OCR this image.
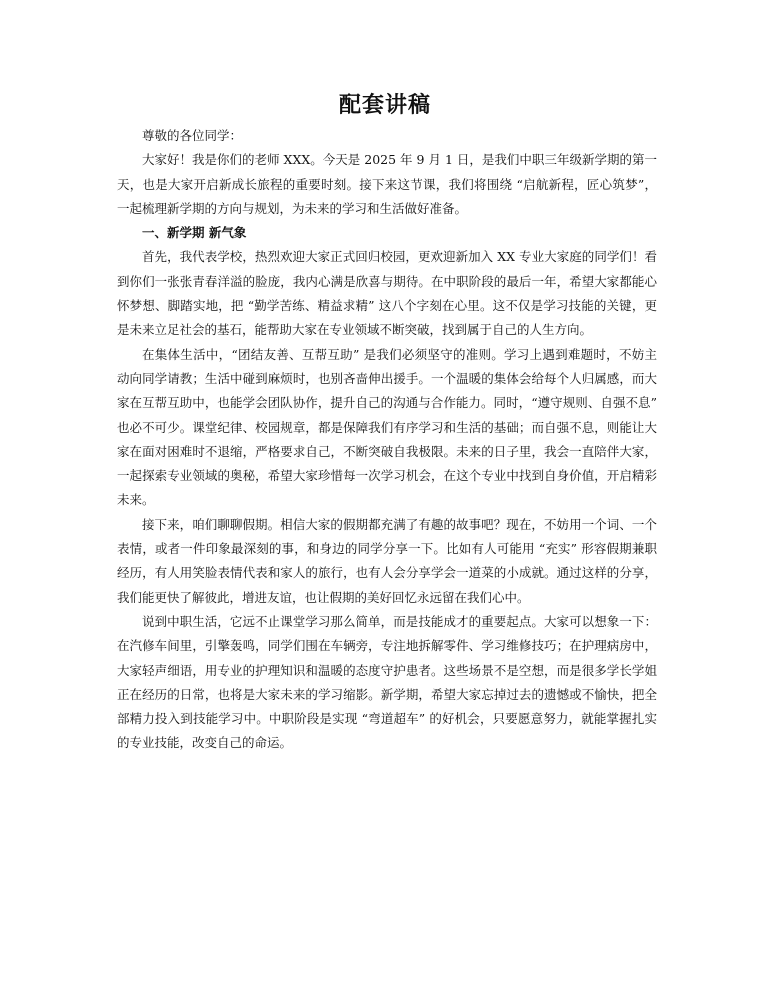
配套讲稿

尊敬的各位同学：

大家好！我是你们的老师 XXX。今天是 2025 年 9 月 1 日，是我们中职三年级新学期的第一天，也是大家开启新成长旅程的重要时刻。接下来这节课，我们将围绕 “启航新程，匠心筑梦”，一起梳理新学期的方向与规划，为未来的学习和生活做好准备。

一、新学期 新气象

首先，我代表学校，热烈欢迎大家正式回归校园，更欢迎新加入 XX 专业大家庭的同学们！看到你们一张张青春洋溢的脸庞，我内心满是欣喜与期待。在中职阶段的最后一年，希望大家都能心怀梦想、脚踏实地，把 “勤学苦练、精益求精” 这八个字刻在心里。这不仅是学习技能的关键，更是未来立足社会的基石，能帮助大家在专业领域不断突破，找到属于自己的人生方向。

在集体生活中，“团结友善、互帮互助” 是我们必须坚守的准则。学习上遇到难题时，不妨主动向同学请教；生活中碰到麻烦时，也别吝啬伸出援手。一个温暖的集体会给每个人归属感，而大家在互帮互助中，也能学会团队协作，提升自己的沟通与合作能力。同时，“遵守规则、自强不息” 也必不可少。课堂纪律、校园规章，都是保障我们有序学习和生活的基础；而自强不息，则能让大家在面对困难时不退缩，严格要求自己，不断突破自我极限。未来的日子里，我会一直陪伴大家，一起探索专业领域的奥秘，希望大家珍惜每一次学习机会，在这个专业中找到自身价值，开启精彩未来。

接下来，咱们聊聊假期。相信大家的假期都充满了有趣的故事吧？现在，不妨用一个词、一个表情，或者一件印象最深刻的事，和身边的同学分享一下。比如有人可能用 “充实” 形容假期兼职经历，有人用笑脸表情代表和家人的旅行，也有人会分享学会一道菜的小成就。通过这样的分享，我们能更快了解彼此，增进友谊，也让假期的美好回忆永远留在我们心中。

说到中职生活，它远不止课堂学习那么简单，而是技能成才的重要起点。大家可以想象一下：在汽修车间里，引擎轰鸣，同学们围在车辆旁，专注地拆解零件、学习维修技巧；在护理病房中，大家轻声细语，用专业的护理知识和温暖的态度守护患者。这些场景不是空想，而是很多学长学姐正在经历的日常，也将是大家未来的学习缩影。新学期，希望大家忘掉过去的遗憾或不愉快，把全部精力投入到技能学习中。中职阶段是实现 “弯道超车” 的好机会，只要愿意努力，就能掌握扎实的专业技能，改变自己的命运。
